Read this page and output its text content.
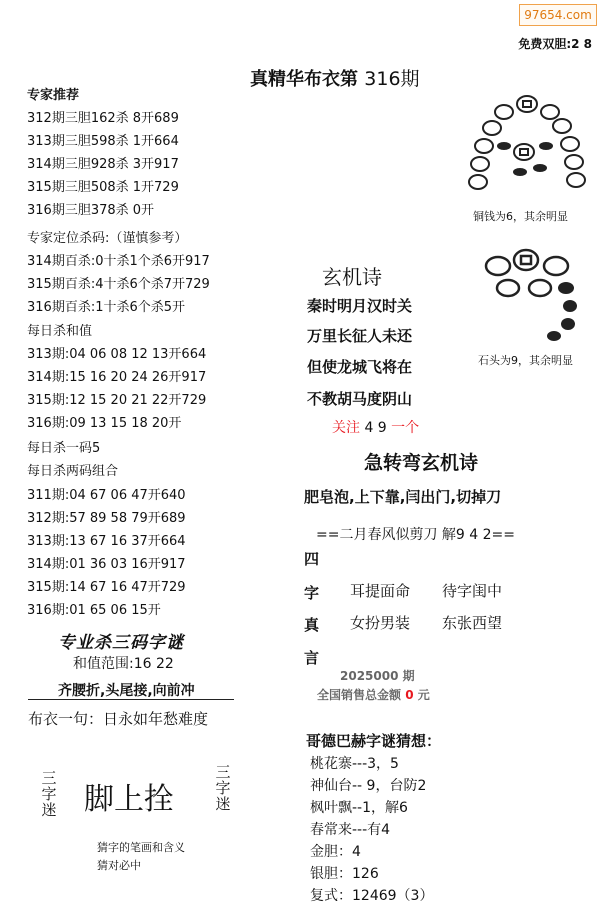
97654.com
免费双胆:2 8
真精华布衣第 316期
专家推荐
312期三胆162杀 8开689
313期三胆598杀 1开664
314期三胆928杀 3开917
315期三胆508杀 1开729
316期三胆378杀 0开
专家定位杀码:（谨慎参考）
314期百杀:0十杀1个杀6开917
315期百杀:4十杀6个杀7开729
316期百杀:1十杀6个杀5开
每日杀和值
313期:04 06 08 12 13开664
314期:15 16 20 24 26开917
315期:12 15 20 21 22开729
316期:09 13 15 18 20开
每日杀一码5
每日杀两码组合
311期:04 67 06 47开640
312期:57 89 58 79开689
313期:13 67 16 37开664
314期:01 36 03 16开917
315期:14 67 16 47开729
316期:01 65 06 15开
专业杀三码字谜
和值范围:16 22
齐腰折,头尾接,向前冲
布衣一句：日永如年愁难度
三字迷 脚上拴
三字迷
猜字的笔画和含义
猜对必中
铜钱为6，其余明显
石头为9，其余明显
玄机诗
秦时明月汉时关
万里长征人未还
但使龙城飞将在
不教胡马度阴山
关注 4 9 一个
急转弯玄机诗
肥皂泡,上下靠,闫出门,切掉刀
==二月春风似剪刀 解9 4 2==
四
字
真
言
耳提面命 待字闺中
女扮男装 东张西望
2025000 期
全国销售总金额 0 元
哥德巴赫字谜猜想：
桃花寨---3，5
神仙台-- 9，台防2
枫叶飘--1，解6
春常来---有4
金胆：4
银胆：126
复式：12469（3）
